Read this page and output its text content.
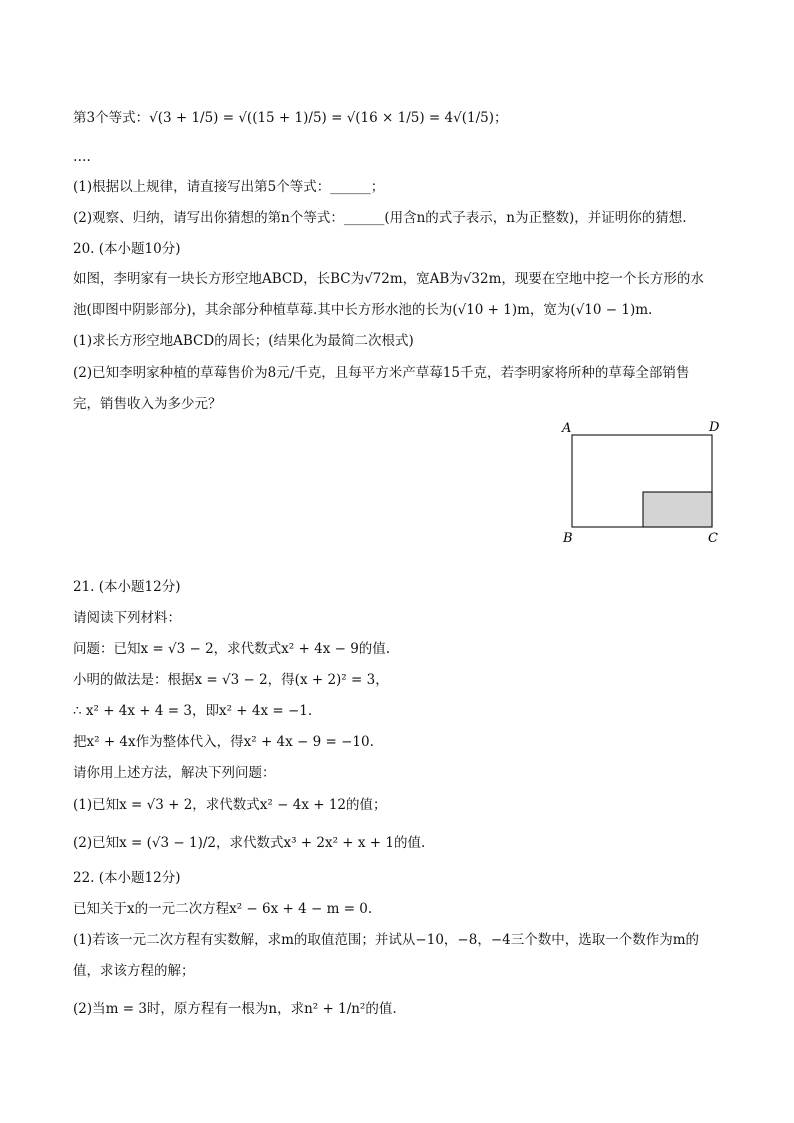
第3个等式：√(3 + 1/5) = √((15 + 1)/5) = √(16 × 1/5) = 4√(1/5)；
….
(1)根据以上规律，请直接写出第5个等式：______；
(2)观察、归纳，请写出你猜想的第n个等式：______(用含n的式子表示，n为正整数)，并证明你的猜想.
20. (本小题10分)
如图，李明家有一块长方形空地ABCD，长BC为√72m，宽AB为√32m，现要在空地中挖一个长方形的水
池(即图中阴影部分)，其余部分种植草莓.其中长方形水池的长为(√10 + 1)m，宽为(√10 − 1)m.
(1)求长方形空地ABCD的周长；(结果化为最简二次根式)
(2)已知李明家种植的草莓售价为8元/千克，且每平方米产草莓15千克，若李明家将所种的草莓全部销售
完，销售收入为多少元？
A	D
B	C
21. (本小题12分)
请阅读下列材料：
问题：已知x = √3 − 2，求代数式x² + 4x − 9的值.
小明的做法是：根据x = √3 − 2，得(x + 2)² = 3，
∴ x² + 4x + 4 = 3，即x² + 4x = −1.
把x² + 4x作为整体代入，得x² + 4x − 9 = −10.
请你用上述方法，解决下列问题：
(1)已知x = √3 + 2，求代数式x² − 4x + 12的值；
(2)已知x = (√3 − 1)/2，求代数式x³ + 2x² + x + 1的值.
22. (本小题12分)
已知关于x的一元二次方程x² − 6x + 4 − m = 0.
(1)若该一元二次方程有实数解，求m的取值范围；并试从−10，−8，−4三个数中，选取一个数作为m的
值，求该方程的解；
(2)当m = 3时，原方程有一根为n，求n² + 1/n²的值.
